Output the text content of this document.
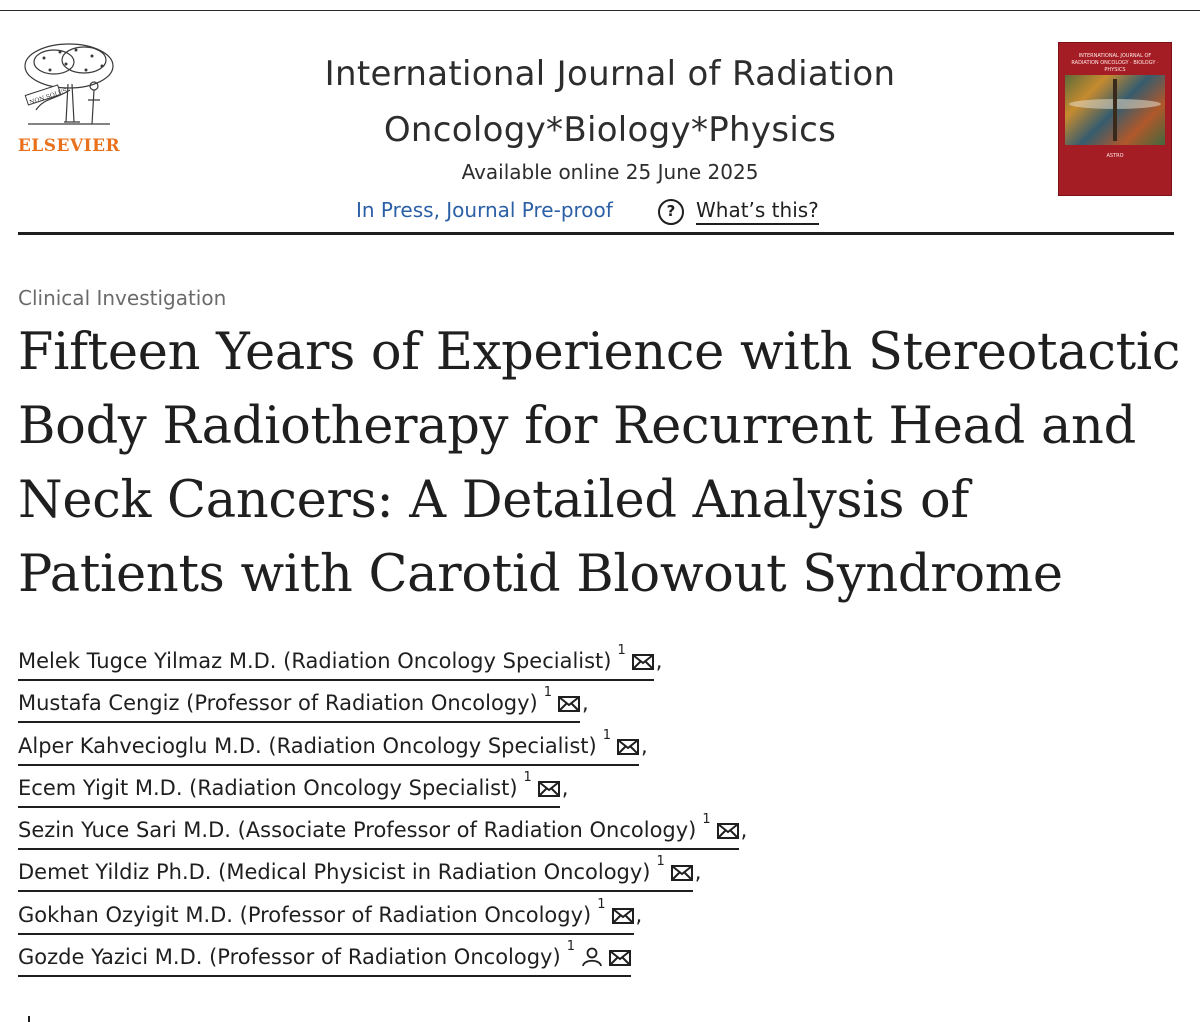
NON SOLUS
ELSEVIER
International Journal of Radiation
Oncology*Biology*Physics
Available online 25 June 2025
In Press, Journal Pre-proof	?	What’s this?
INTERNATIONAL JOURNAL OF RADIATION ONCOLOGY · BIOLOGY · PHYSICS
ASTRO
Clinical Investigation
Fifteen Years of Experience with Stereotactic
Body Radiotherapy for Recurrent Head and
Neck Cancers: A Detailed Analysis of
Patients with Carotid Blowout Syndrome
Melek Tugce Yilmaz M.D. (Radiation Oncology Specialist) 1 ,
Mustafa Cengiz (Professor of Radiation Oncology) 1 ,
Alper Kahvecioglu M.D. (Radiation Oncology Specialist) 1 ,
Ecem Yigit M.D. (Radiation Oncology Specialist) 1 ,
Sezin Yuce Sari M.D. (Associate Professor of Radiation Oncology) 1 ,
Demet Yildiz Ph.D. (Medical Physicist in Radiation Oncology) 1 ,
Gokhan Ozyigit M.D. (Professor of Radiation Oncology) 1 ,
Gozde Yazici M.D. (Professor of Radiation Oncology) 1
